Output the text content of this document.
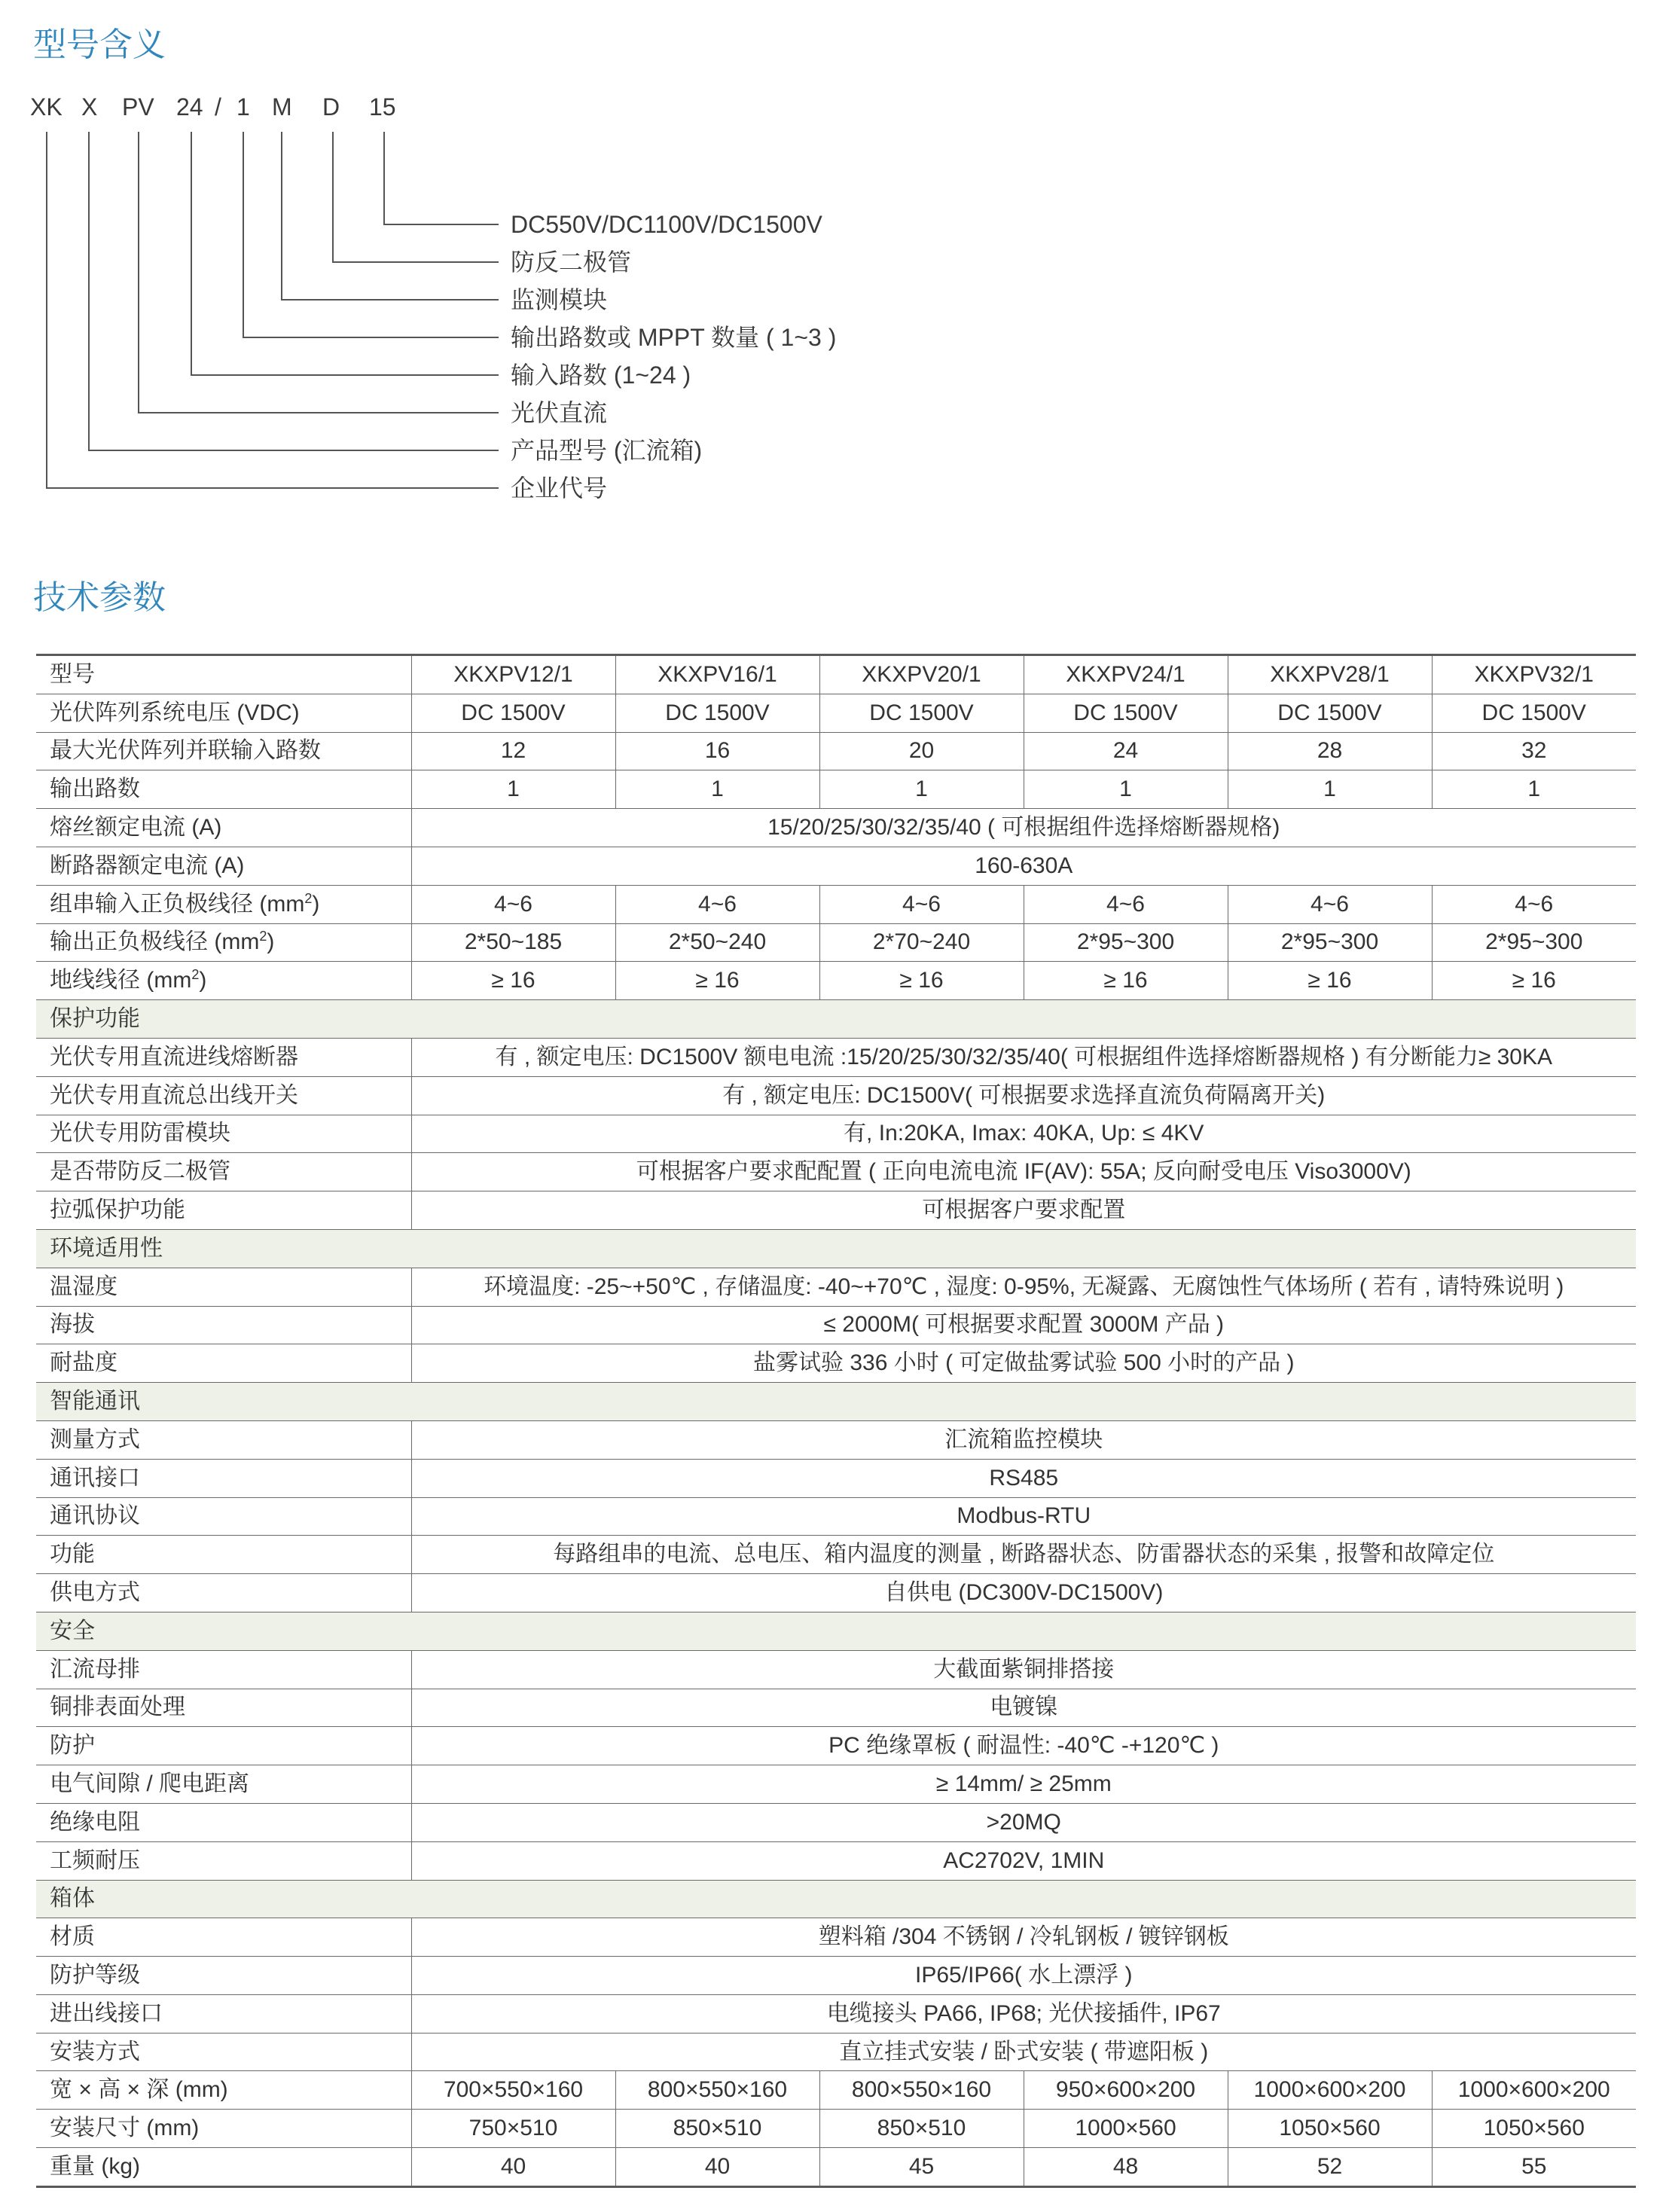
型号含义
XK X PV 24 / 1 M D 15
DC550V/DC1100V/DC1500V
防反二极管
监测模块
输出路数或 MPPT 数量 ( 1~3 )
输入路数 (1~24 )
光伏直流
产品型号 (汇流箱)
企业代号
技术参数
型号	XKXPV12/1	XKXPV16/1	XKXPV20/1	XKXPV24/1	XKXPV28/1	XKXPV32/1
光伏阵列系统电压 (VDC)	DC 1500V	DC 1500V	DC 1500V	DC 1500V	DC 1500V	DC 1500V
最大光伏阵列并联输入路数	12	16	20	24	28	32
输出路数	1	1	1	1	1	1
熔丝额定电流 (A)	15/20/25/30/32/35/40 ( 可根据组件选择熔断器规格)					
断路器额定电流 (A)	160-630A					
组串输入正负极线径 $(mm^2)$	4~6	4~6	4~6	4~6	4~6	4~6
输出正负极线径 $(mm^2)$	2*50~185	2*50~240	2*70~240	2*95~300	2*95~300	2*95~300
地线线径 $(mm^2)$	≥ 16	≥ 16	≥ 16	≥ 16	≥ 16	≥ 16
保护功能						
光伏专用直流进线熔断器	有 , 额定电压: DC1500V 额电电流 :15/20/25/30/32/35/40( 可根据组件选择熔断器规格 ) 有分断能力≥ 30KA					
光伏专用直流总出线开关	有 , 额定电压: DC1500V( 可根据要求选择直流负荷隔离开关)					
光伏专用防雷模块	有, In:20KA, Imax: 40KA, Up: ≤ 4KV					
是否带防反二极管	可根据客户要求配配置 ( 正向电流电流 IF(AV): 55A; 反向耐受电压 Viso3000V)					
拉弧保护功能	可根据客户要求配置					
环境适用性						
温湿度	环境温度: -25~+50℃ , 存储温度: -40~+70℃ , 湿度: 0-95%, 无凝露、无腐蚀性气体场所 ( 若有 , 请特殊说明 )					
海拔	≤ 2000M( 可根据要求配置 3000M 产品 )					
耐盐度	盐雾试验 336 小时 ( 可定做盐雾试验 500 小时的产品 )					
智能通讯						
测量方式	汇流箱监控模块					
通讯接口	RS485					
通讯协议	Modbus-RTU					
功能	每路组串的电流、总电压、箱内温度的测量 , 断路器状态、防雷器状态的采集 , 报警和故障定位					
供电方式	自供电 (DC300V-DC1500V)					
安全						
汇流母排	大截面紫铜排搭接					
铜排表面处理	电镀镍					
防护	PC 绝缘罩板 ( 耐温性: -40℃ -+120℃ )					
电气间隙 / 爬电距离	≥ 14mm/ ≥ 25mm					
绝缘电阻	>20MQ					
工频耐压	AC2702V, 1MIN					
箱体						
材质	塑料箱 /304 不锈钢 / 冷轧钢板 / 镀锌钢板					
防护等级	IP65/IP66( 水上漂浮 )					
进出线接口	电缆接头 PA66, IP68; 光伏接插件, IP67					
安装方式	直立挂式安装 / 卧式安装 ( 带遮阳板 )					
宽 × 高 × 深 (mm)	700×550×160	800×550×160	800×550×160	950×600×200	1000×600×200	1000×600×200
安装尺寸 (mm)	750×510	850×510	850×510	1000×560	1050×560	1050×560
重量 (kg)	40	40	45	48	52	55
